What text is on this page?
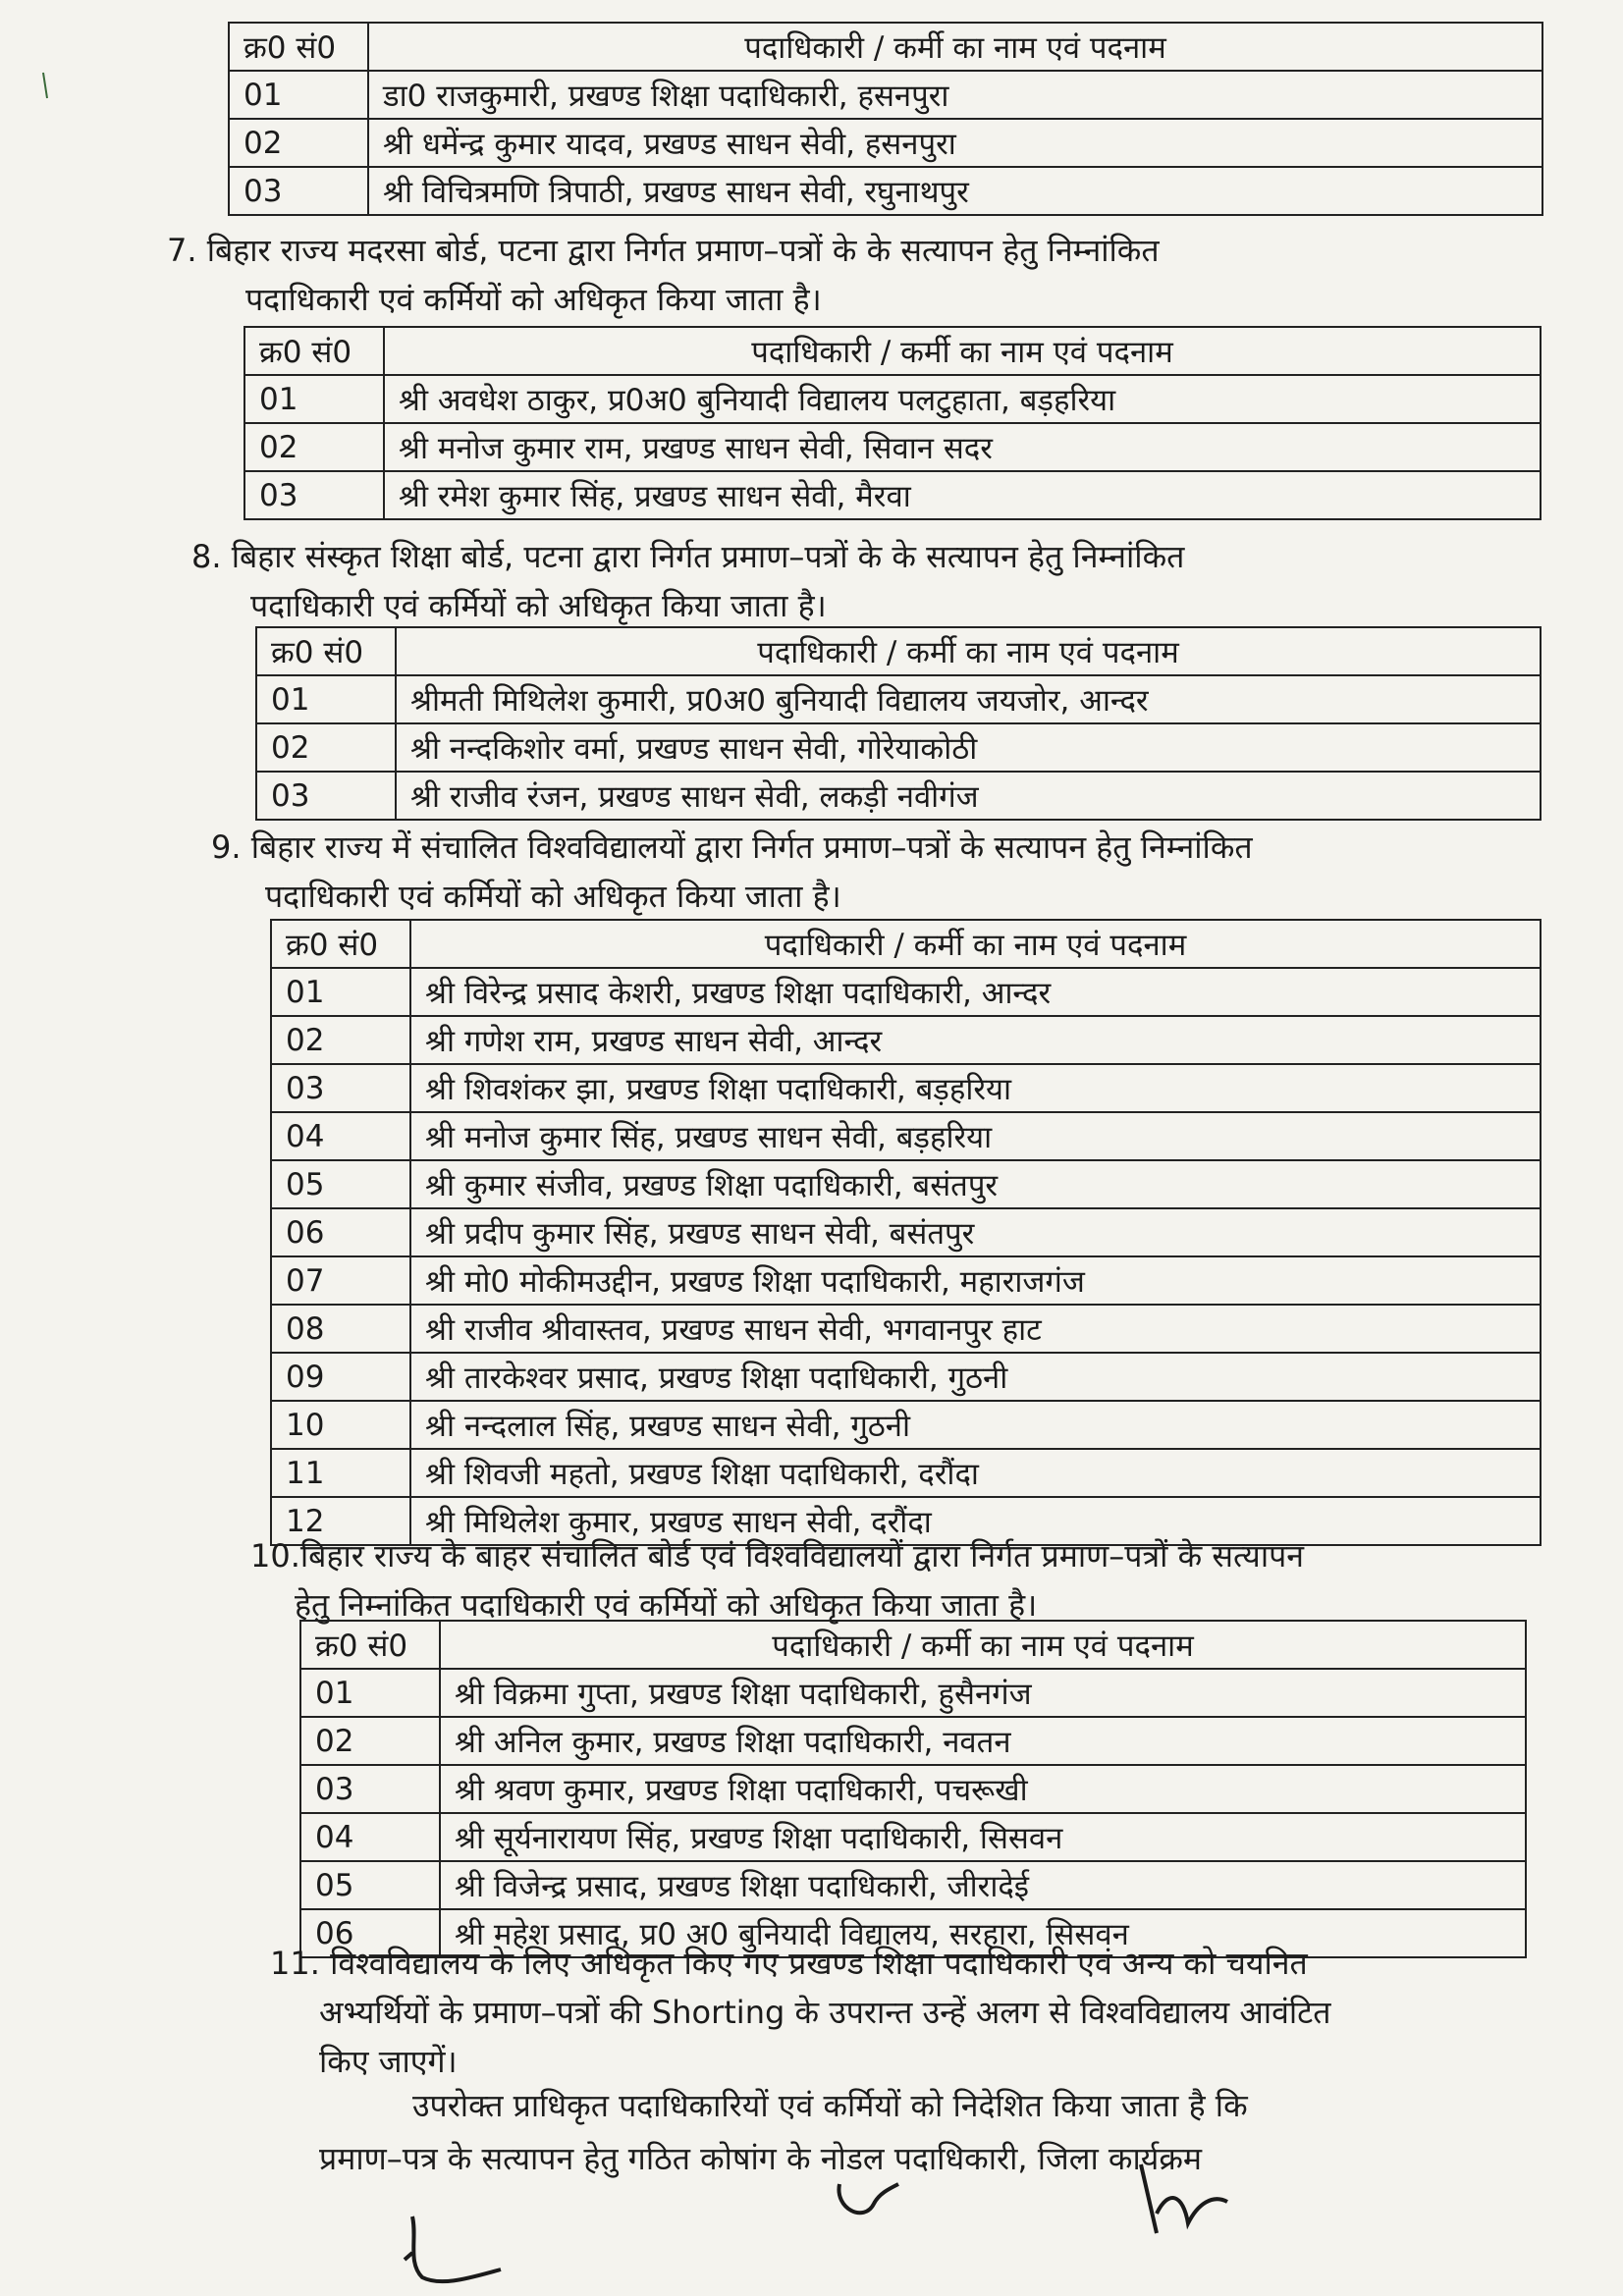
क्र0 सं0	पदाधिकारी / कर्मी का नाम एवं पदनाम
01	डा0 राजकुमारी, प्रखण्ड शिक्षा पदाधिकारी, हसनपुरा
02	श्री धमेंन्द्र कुमार यादव, प्रखण्ड साधन सेवी, हसनपुरा
03	श्री विचित्रमणि त्रिपाठी, प्रखण्ड साधन सेवी, रघुनाथपुर
7. बिहार राज्य मदरसा बोर्ड, पटना द्वारा निर्गत प्रमाण–पत्रों के के सत्यापन हेतु निम्नांकित
पदाधिकारी एवं कर्मियों को अधिकृत किया जाता है।
क्र0 सं0	पदाधिकारी / कर्मी का नाम एवं पदनाम
01	श्री अवधेश ठाकुर, प्र0अ0 बुनियादी विद्यालय पलटुहाता, बड़हरिया
02	श्री मनोज कुमार राम, प्रखण्ड साधन सेवी, सिवान सदर
03	श्री रमेश कुमार सिंह, प्रखण्ड साधन सेवी, मैरवा
8. बिहार संस्कृत शिक्षा बोर्ड, पटना द्वारा निर्गत प्रमाण–पत्रों के के सत्यापन हेतु निम्नांकित
पदाधिकारी एवं कर्मियों को अधिकृत किया जाता है।
क्र0 सं0	पदाधिकारी / कर्मी का नाम एवं पदनाम
01	श्रीमती मिथिलेश कुमारी, प्र0अ0 बुनियादी विद्यालय जयजोर, आन्दर
02	श्री नन्दकिशोर वर्मा, प्रखण्ड साधन सेवी, गोरेयाकोठी
03	श्री राजीव रंजन, प्रखण्ड साधन सेवी, लकड़ी नवीगंज
9. बिहार राज्य में संचालित विश्वविद्यालयों द्वारा निर्गत प्रमाण–पत्रों के सत्यापन हेतु निम्नांकित
पदाधिकारी एवं कर्मियों को अधिकृत किया जाता है।
क्र0 सं0	पदाधिकारी / कर्मी का नाम एवं पदनाम
01	श्री विरेन्द्र प्रसाद केशरी, प्रखण्ड शिक्षा पदाधिकारी, आन्दर
02	श्री गणेश राम, प्रखण्ड साधन सेवी, आन्दर
03	श्री शिवशंकर झा, प्रखण्ड शिक्षा पदाधिकारी, बड़हरिया
04	श्री मनोज कुमार सिंह, प्रखण्ड साधन सेवी, बड़हरिया
05	श्री कुमार संजीव, प्रखण्ड शिक्षा पदाधिकारी, बसंतपुर
06	श्री प्रदीप कुमार सिंह, प्रखण्ड साधन सेवी, बसंतपुर
07	श्री मो0 मोकीमउद्दीन, प्रखण्ड शिक्षा पदाधिकारी, महाराजगंज
08	श्री राजीव श्रीवास्तव, प्रखण्ड साधन सेवी, भगवानपुर हाट
09	श्री तारकेश्वर प्रसाद, प्रखण्ड शिक्षा पदाधिकारी, गुठनी
10	श्री नन्दलाल सिंह, प्रखण्ड साधन सेवी, गुठनी
11	श्री शिवजी महतो, प्रखण्ड शिक्षा पदाधिकारी, दरौंदा
12	श्री मिथिलेश कुमार, प्रखण्ड साधन सेवी, दरौंदा
10.बिहार राज्य के बाहर संचालित बोर्ड एवं विश्वविद्यालयों द्वारा निर्गत प्रमाण–पत्रों के सत्यापन
हेतु निम्नांकित पदाधिकारी एवं कर्मियों को अधिकृत किया जाता है।
क्र0 सं0	पदाधिकारी / कर्मी का नाम एवं पदनाम
01	श्री विक्रमा गुप्ता, प्रखण्ड शिक्षा पदाधिकारी, हुसैनगंज
02	श्री अनिल कुमार, प्रखण्ड शिक्षा पदाधिकारी, नवतन
03	श्री श्रवण कुमार, प्रखण्ड शिक्षा पदाधिकारी, पचरूखी
04	श्री सूर्यनारायण सिंह, प्रखण्ड शिक्षा पदाधिकारी, सिसवन
05	श्री विजेन्द्र प्रसाद, प्रखण्ड शिक्षा पदाधिकारी, जीरादेई
06	श्री महेश प्रसाद, प्र0 अ0 बुनियादी विद्यालय, सरहारा, सिसवन
11. विश्वविद्यालय के लिए अधिकृत किए गए प्रखण्ड शिक्षा पदाधिकारी एवं अन्य को चयनित
अभ्यर्थियों के प्रमाण–पत्रों की Shorting के उपरान्त उन्हें अलग से विश्वविद्यालय आवंटित
किए जाएगें।
उपरोक्त प्राधिकृत पदाधिकारियों एवं कर्मियों को निदेशित किया जाता है कि
प्रमाण–पत्र के सत्यापन हेतु गठित कोषांग के नोडल पदाधिकारी, जिला कार्यक्रम
